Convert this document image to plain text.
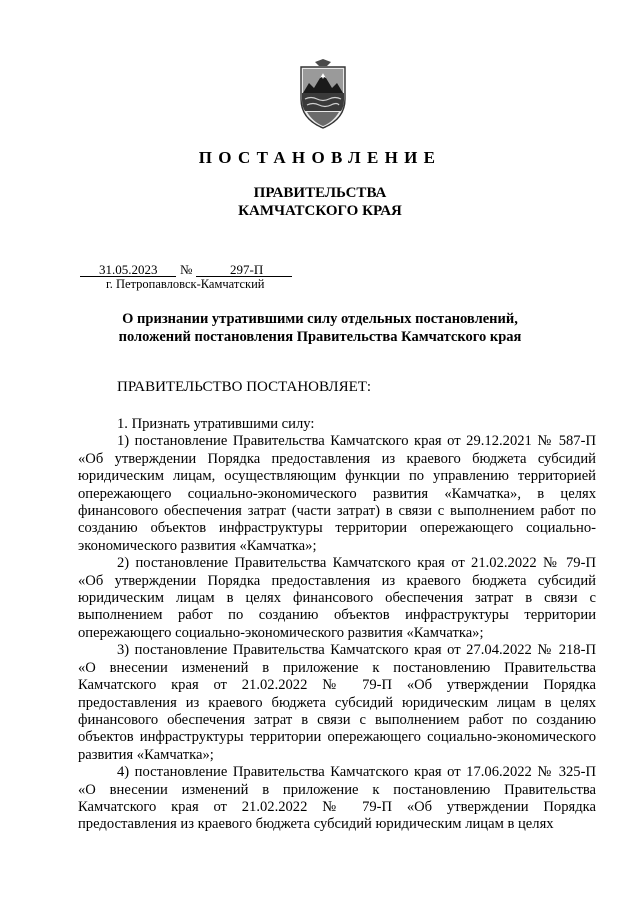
ПОСТАНОВЛЕНИЕ
ПРАВИТЕЛЬСТВА
КАМЧАТСКОГО КРАЯ
31.05.2023 №	297-П
г. Петропавловск-Камчатский
О признании утратившими силу отдельных постановлений,
положений постановления Правительства Камчатского края
ПРАВИТЕЛЬСТВО ПОСТАНОВЛЯЕТ:

1. Признать утратившими силу:

1) постановление Правительства Камчатского края от 29.12.2021 № 587-П «Об утверждении Порядка предоставления из краевого бюджета субсидий юридическим лицам, осуществляющим функции по управлению территорией опережающего социально-экономического развития «Камчатка», в целях финансового обеспечения затрат (части затрат) в связи с выполнением работ по созданию объектов инфраструктуры территории опережающего социально-экономического развития «Камчатка»;

2) постановление Правительства Камчатского края от 21.02.2022 № 79-П «Об утверждении Порядка предоставления из краевого бюджета субсидий юридическим лицам в целях финансового обеспечения затрат в связи с выполнением работ по созданию объектов инфраструктуры территории опережающего социально-экономического развития «Камчатка»;

3) постановление Правительства Камчатского края от 27.04.2022 № 218-П «О внесении изменений в приложение к постановлению Правительства Камчатского края от 21.02.2022 № 79-П «Об утверждении Порядка предоставления из краевого бюджета субсидий юридическим лицам в целях финансового обеспечения затрат в связи с выполнением работ по созданию объектов инфраструктуры территории опережающего социально-экономического развития «Камчатка»;

4) постановление Правительства Камчатского края от 17.06.2022 № 325-П «О внесении изменений в приложение к постановлению Правительства Камчатского края от 21.02.2022 № 79-П «Об утверждении Порядка предоставления из краевого бюджета субсидий юридическим лицам в целях
